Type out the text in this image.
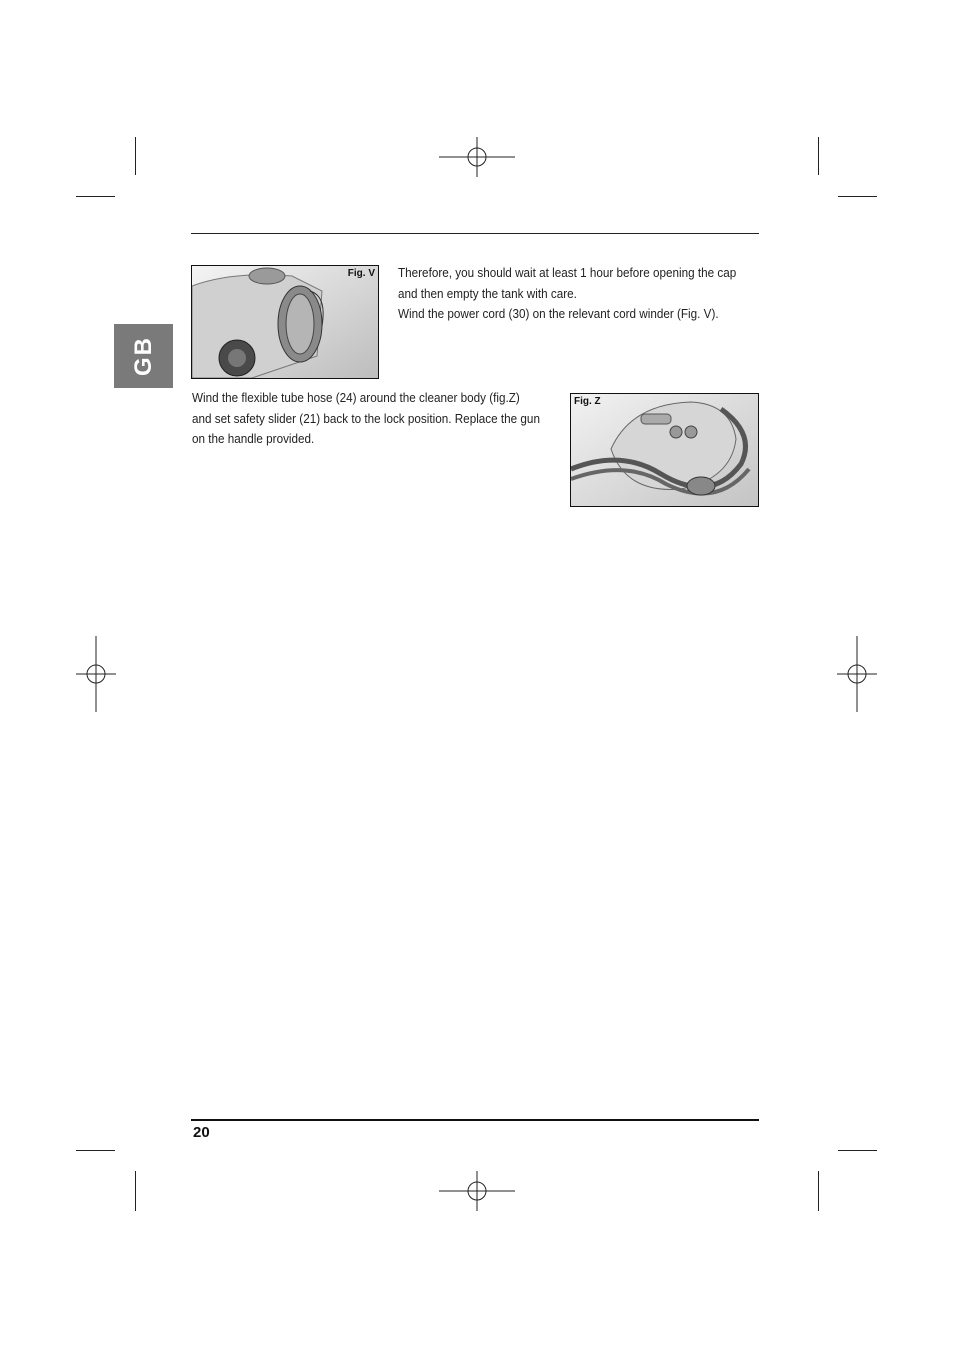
GB
Fig. V Therefore, you should wait at least 1 hour before opening the cap
and then empty the tank with care.
Wind the power cord (30) on the relevant cord winder (Fig. V).
Wind the flexible tube hose (24) around the cleaner body (fig.Z)
and set safety slider (21) back to the lock position. Replace the gun
on the handle provided.
Fig. Z
20
